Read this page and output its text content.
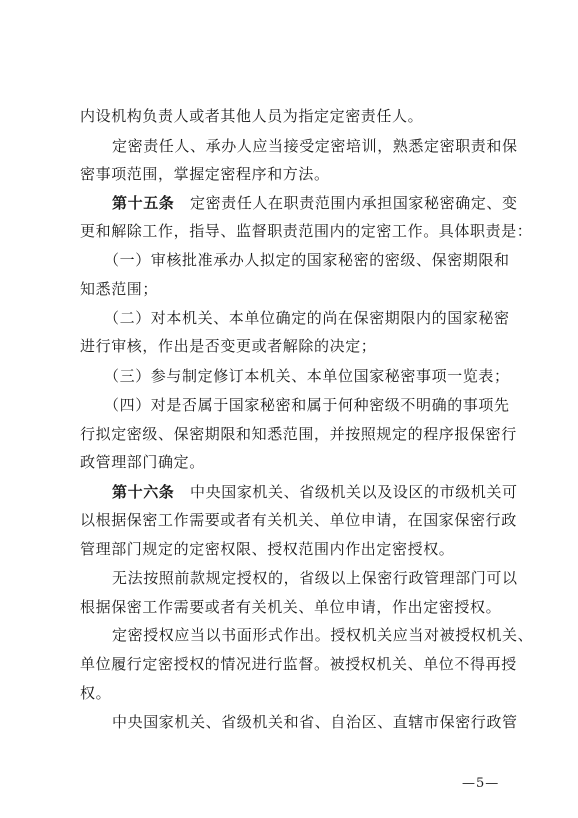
内设机构负责人或者其他人员为指定定密责任人。
定密责任人、承办人应当接受定密培训，熟悉定密职责和保
密事项范围，掌握定密程序和方法。
第十五条  定密责任人在职责范围内承担国家秘密确定、变
更和解除工作，指导、监督职责范围内的定密工作。具体职责是：
（一）审核批准承办人拟定的国家秘密的密级、保密期限和
知悉范围；
（二）对本机关、本单位确定的尚在保密期限内的国家秘密
进行审核，作出是否变更或者解除的决定；
（三）参与制定修订本机关、本单位国家秘密事项一览表；
（四）对是否属于国家秘密和属于何种密级不明确的事项先
行拟定密级、保密期限和知悉范围，并按照规定的程序报保密行
政管理部门确定。
第十六条  中央国家机关、省级机关以及设区的市级机关可
以根据保密工作需要或者有关机关、单位申请，在国家保密行政
管理部门规定的定密权限、授权范围内作出定密授权。
无法按照前款规定授权的，省级以上保密行政管理部门可以
根据保密工作需要或者有关机关、单位申请，作出定密授权。
定密授权应当以书面形式作出。授权机关应当对被授权机关、
单位履行定密授权的情况进行监督。被授权机关、单位不得再授
权。
中央国家机关、省级机关和省、自治区、直辖市保密行政管
—5—
